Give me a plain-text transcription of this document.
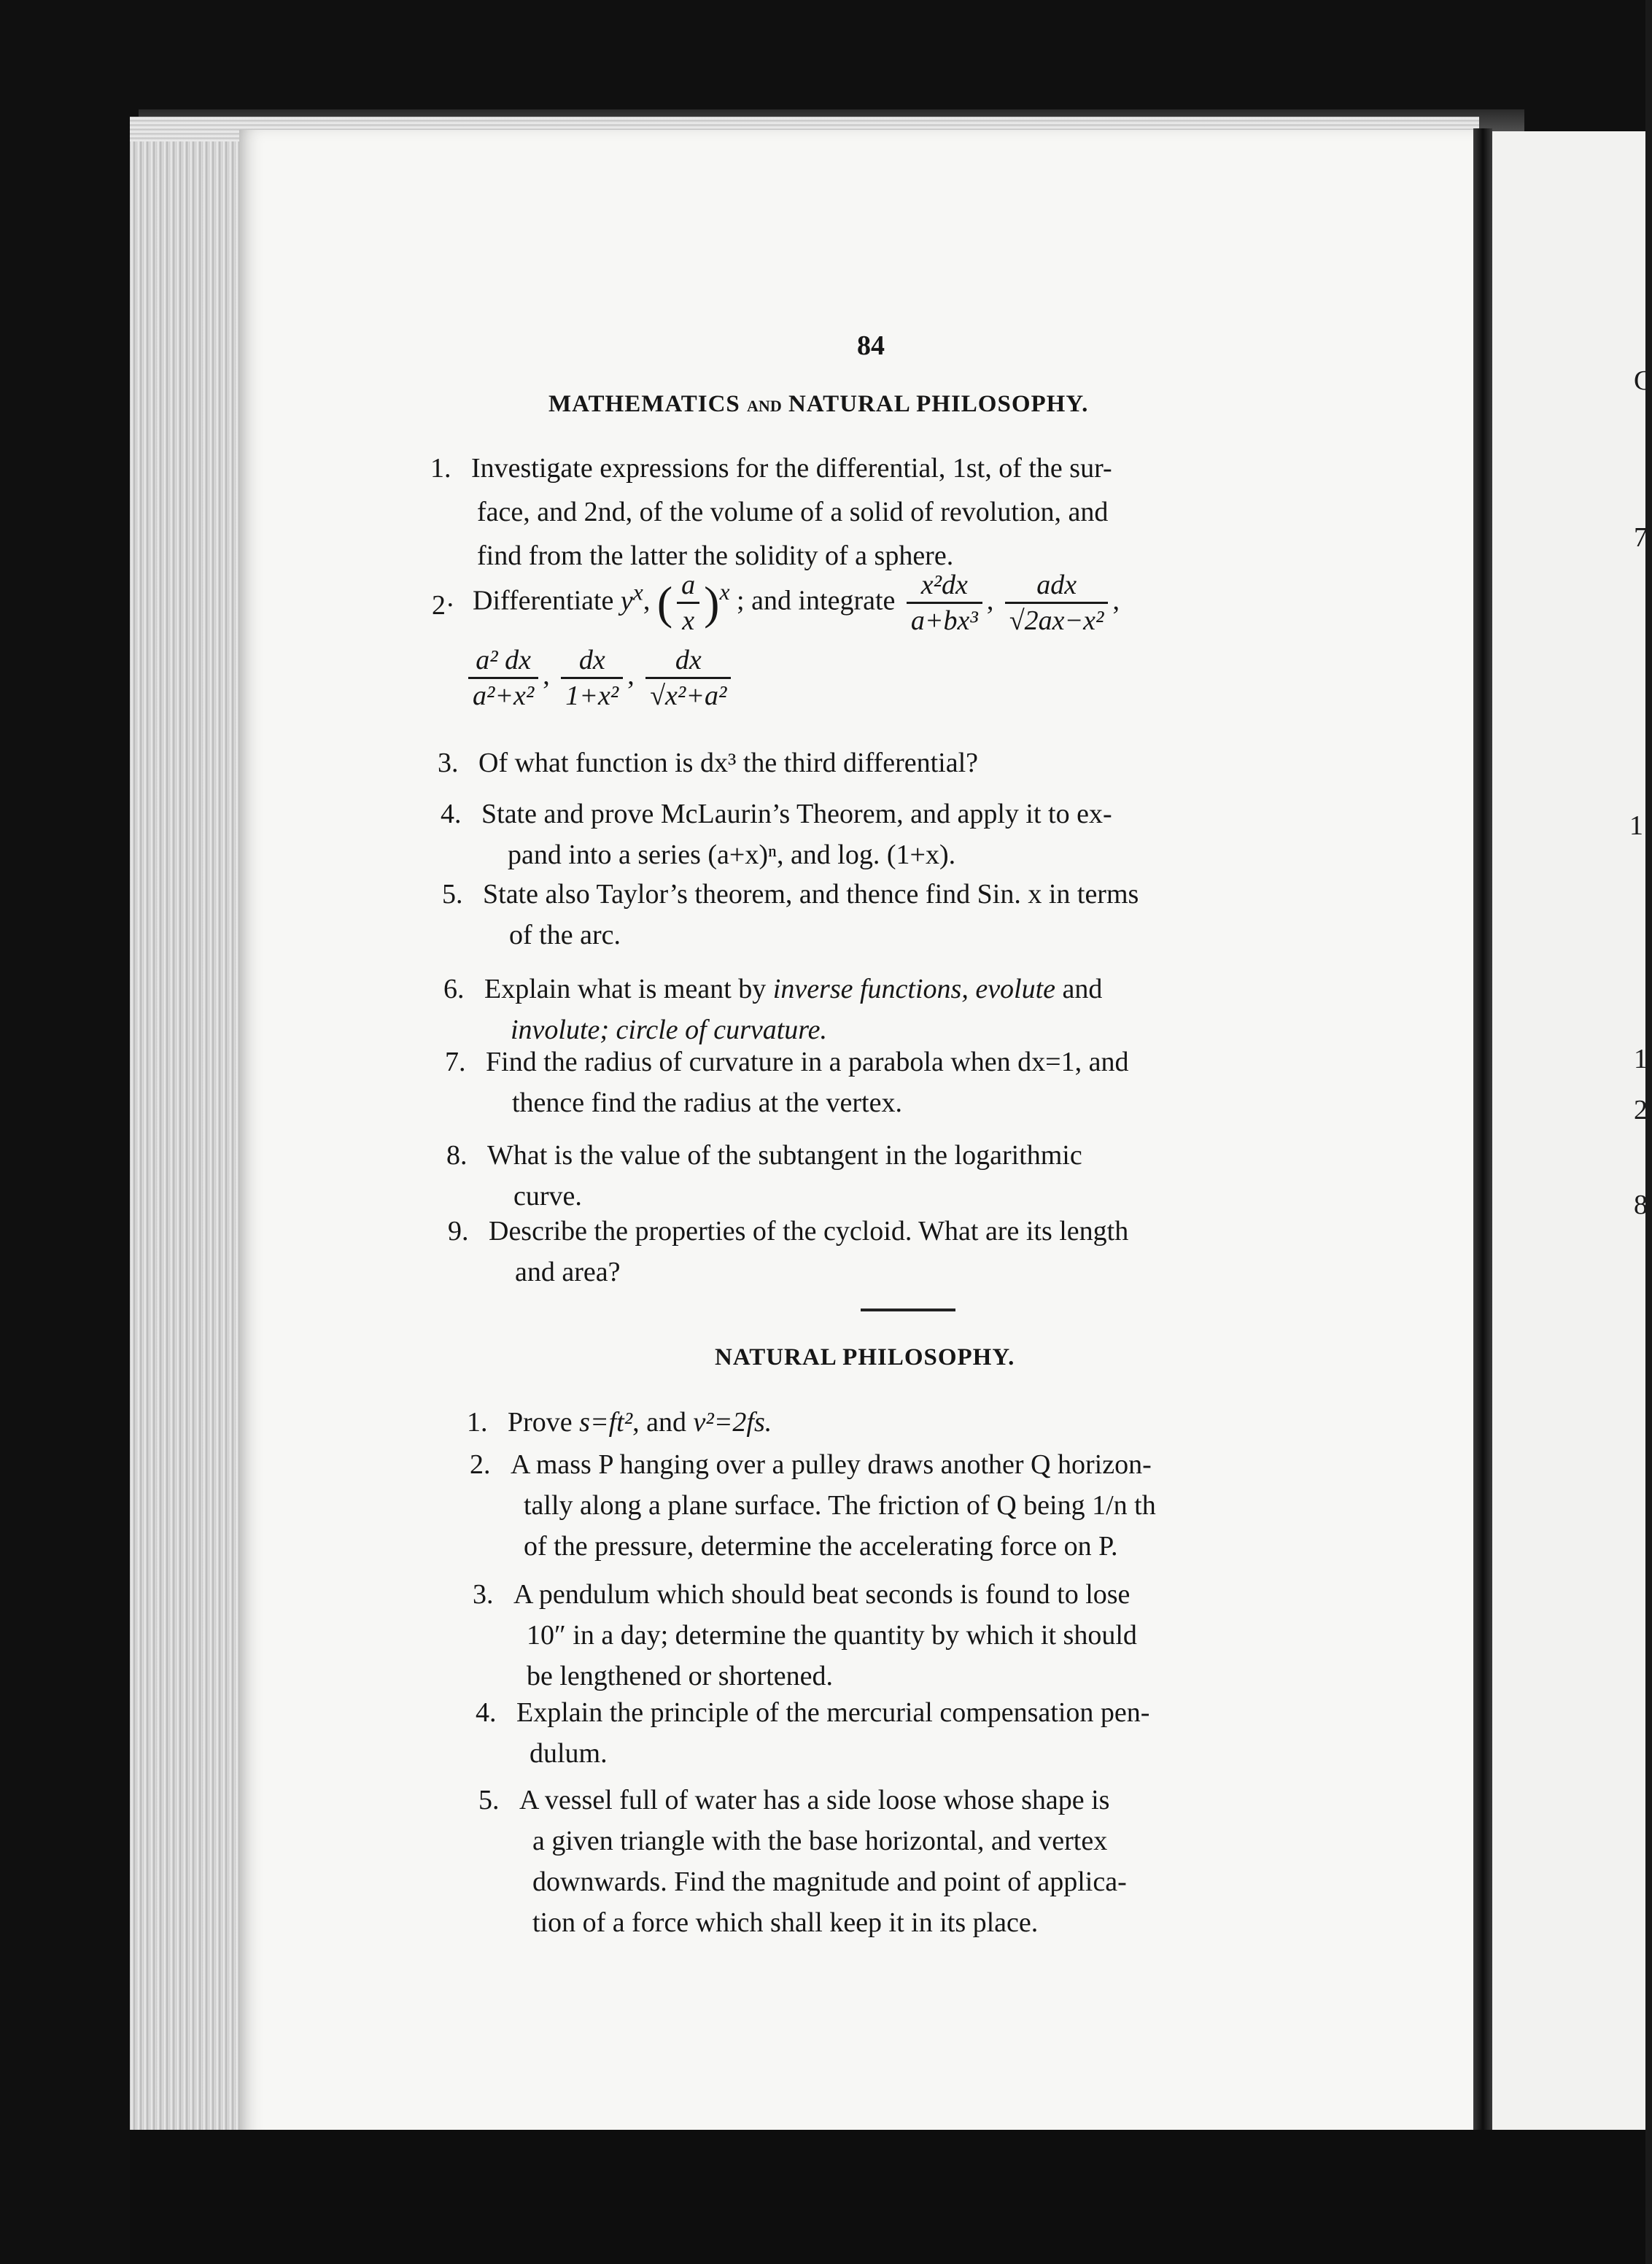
C
7
1
1
2
8
84
MATHEMATICS AND NATURAL PHILOSOPHY.
1. Investigate expressions for the differential, 1st, of the sur-
face, and 2nd, of the volume of a solid of revolution, and
find from the latter the solidity of a sphere.
2· Differentiate $y^x$, ( $\frac{a}{x} )^x$ ; and integrate $\frac{\text{x²dx}}{\text{a+bx³}}$ , $\frac{\text{adx}}{\text{√2ax−x²}}$ ,
$\frac{\text{a² dx}}{\text{a²+x²}}$ , $\frac{dx}{\text{1+x²}}$ , $\frac{dx}{\text{√x²+a²}}$
3. Of what function is dx³ the third differential?
4. State and prove McLaurin’s Theorem, and apply it to ex-
pand into a series (a+x)ⁿ, and log. (1+x).
5. State also Taylor’s theorem, and thence find Sin. x in terms
of the arc.
6. Explain what is meant by inverse functions, evolute and
involute; circle of curvature.
7. Find the radius of curvature in a parabola when dx=1, and
thence find the radius at the vertex.
8. What is the value of the subtangent in the logarithmic
curve.
9. Describe the properties of the cycloid. What are its length
and area?
NATURAL PHILOSOPHY.
1. Prove s=ft², and v²=2fs.
2. A mass P hanging over a pulley draws another Q horizon-
tally along a plane surface. The friction of Q being 1/n th
of the pressure, determine the accelerating force on P.
3. A pendulum which should beat seconds is found to lose
10″ in a day; determine the quantity by which it should
be lengthened or shortened.
4. Explain the principle of the mercurial compensation pen-
dulum.
5. A vessel full of water has a side loose whose shape is
a given triangle with the base horizontal, and vertex
downwards. Find the magnitude and point of applica-
tion of a force which shall keep it in its place.
